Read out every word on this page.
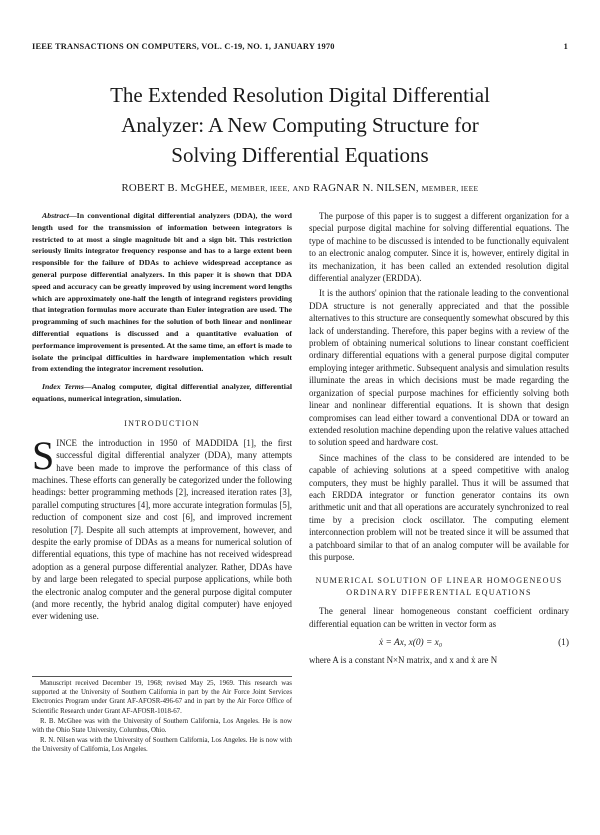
IEEE TRANSACTIONS ON COMPUTERS, VOL. C-19, NO. 1, JANUARY 1970	1
The Extended Resolution Digital Differential
Analyzer: A New Computing Structure for
Solving Differential Equations
ROBERT B. McGHEE, MEMBER, IEEE, AND RAGNAR N. NILSEN, MEMBER, IEEE

Abstract—In conventional digital differential analyzers (DDA), the word length used for the transmission of information between integrators is restricted to at most a single magnitude bit and a sign bit. This restriction seriously limits integrator frequency response and has to a large extent been responsible for the failure of DDAs to achieve widespread acceptance as general purpose differential analyzers. In this paper it is shown that DDA speed and accuracy can be greatly improved by using increment word lengths which are approximately one-half the length of integrand registers providing that integration formulas more accurate than Euler integration are used. The programming of such machines for the solution of both linear and nonlinear differential equations is discussed and a quantitative evaluation of performance improvement is presented. At the same time, an effort is made to isolate the principal difficulties in hardware implementation which result from extending the integrator increment resolution.

Index Terms—Analog computer, digital differential analyzer, differential equations, numerical integration, simulation.

INTRODUCTION

SINCE the introduction in 1950 of MADDIDA [1], the first successful digital differential analyzer (DDA), many attempts have been made to improve the performance of this class of machines. These efforts can generally be categorized under the following headings: better programming methods [2], increased iteration rates [3], parallel computing structures [4], more accurate integration formulas [5], reduction of component size and cost [6], and improved increment resolution [7]. Despite all such attempts at improvement, however, and despite the early promise of DDAs as a means for numerical solution of differential equations, this type of machine has not received widespread adoption as a general purpose differential analyzer. Rather, DDAs have by and large been relegated to special purpose applications, while both the electronic analog computer and the general purpose digital computer (and more recently, the hybrid analog digital computer) have enjoyed ever widening use.

Manuscript received December 19, 1968; revised May 25, 1969. This research was supported at the University of Southern California in part by the Air Force Joint Services Electronics Program under Grant AF-AFOSR-496-67 and in part by the Air Force Office of Scientific Research under Grant AF-AFOSR-1018-67.

R. B. McGhee was with the University of Southern California, Los Angeles. He is now with the Ohio State University, Columbus, Ohio.

R. N. Nilsen was with the University of Southern California, Los Angeles. He is now with the University of California, Los Angeles.

The purpose of this paper is to suggest a different organization for a special purpose digital machine for solving differential equations. The type of machine to be discussed is intended to be functionally equivalent to an electronic analog computer. Since it is, however, entirely digital in its mechanization, it has been called an extended resolution digital differential analyzer (ERDDA).

It is the authors' opinion that the rationale leading to the conventional DDA structure is not generally appreciated and that the possible alternatives to this structure are consequently somewhat obscured by this lack of understanding. Therefore, this paper begins with a review of the problem of obtaining numerical solutions to linear constant coefficient ordinary differential equations with a general purpose digital computer employing integer arithmetic. Subsequent analysis and simulation results illuminate the areas in which decisions must be made regarding the organization of special purpose machines for efficiently solving both linear and nonlinear differential equations. It is shown that design compromises can lead either toward a conventional DDA or toward an extended resolution machine depending upon the relative values attached to solution speed and hardware cost.

Since machines of the class to be considered are intended to be capable of achieving solutions at a speed competitive with analog computers, they must be highly parallel. Thus it will be assumed that each ERDDA integrator or function generator contains its own arithmetic unit and that all operations are accurately synchronized to real time by a precision clock oscillator. The computing element interconnection problem will not be treated since it will be assumed that a patchboard similar to that of an analog computer will be available for this purpose.

NUMERICAL SOLUTION OF LINEAR HOMOGENEOUS
ORDINARY DIFFERENTIAL EQUATIONS

The general linear homogeneous constant coefficient ordinary differential equation can be written in vector form as

ẋ = Ax, x(0) = x₀	(1)

where A is a constant N×N matrix, and x and ẋ are N
